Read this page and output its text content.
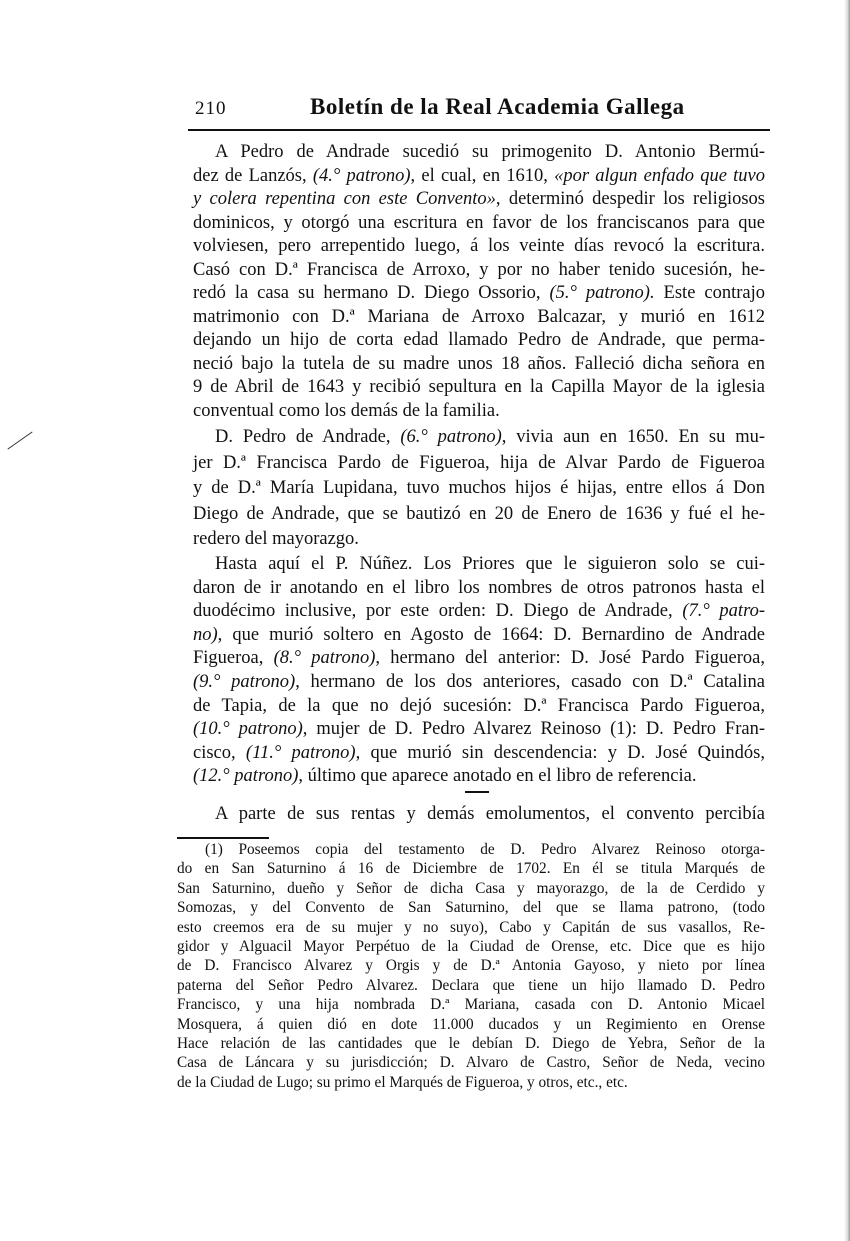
210	Boletín de la Real Academia Gallega
A Pedro de Andrade sucedió su primogenito D. Antonio Bermú-
dez de Lanzós, (4.° patrono), el cual, en 1610, «por algun enfado que tuvo
y colera repentina con este Convento», determinó despedir los religiosos
dominicos, y otorgó una escritura en favor de los franciscanos para que
volviesen, pero arrepentido luego, á los veinte días revocó la escritura.
Casó con D.ª Francisca de Arroxo, y por no haber tenido sucesión, he-
redó la casa su hermano D. Diego Ossorio, (5.° patrono). Este contrajo
matrimonio con D.ª Mariana de Arroxo Balcazar, y murió en 1612
dejando un hijo de corta edad llamado Pedro de Andrade, que perma-
neció bajo la tutela de su madre unos 18 años. Falleció dicha señora en
9 de Abril de 1643 y recibió sepultura en la Capilla Mayor de la iglesia
conventual como los demás de la familia.
D. Pedro de Andrade, (6.° patrono), vivia aun en 1650. En su mu-
jer D.ª Francisca Pardo de Figueroa, hija de Alvar Pardo de Figueroa
y de D.ª María Lupidana, tuvo muchos hijos é hijas, entre ellos á Don
Diego de Andrade, que se bautizó en 20 de Enero de 1636 y fué el he-
redero del mayorazgo.
Hasta aquí el P. Núñez. Los Priores que le siguieron solo se cui-
daron de ir anotando en el libro los nombres de otros patronos hasta el
duodécimo inclusive, por este orden: D. Diego de Andrade, (7.° patro-
no), que murió soltero en Agosto de 1664: D. Bernardino de Andrade
Figueroa, (8.° patrono), hermano del anterior: D. José Pardo Figueroa,
(9.° patrono), hermano de los dos anteriores, casado con D.ª Catalina
de Tapia, de la que no dejó sucesión: D.ª Francisca Pardo Figueroa,
(10.° patrono), mujer de D. Pedro Alvarez Reinoso (1): D. Pedro Fran-
cisco, (11.° patrono), que murió sin descendencia: y D. José Quindós,
(12.° patrono), último que aparece anotado en el libro de referencia.
A parte de sus rentas y demás emolumentos, el convento percibía
(1) Poseemos copia del testamento de D. Pedro Alvarez Reinoso otorga-
do en San Saturnino á 16 de Diciembre de 1702. En él se titula Marqués de
San Saturnino, dueño y Señor de dicha Casa y mayorazgo, de la de Cerdido y
Somozas, y del Convento de San Saturnino, del que se llama patrono, (todo
esto creemos era de su mujer y no suyo), Cabo y Capitán de sus vasallos, Re-
gidor y Alguacil Mayor Perpétuo de la Ciudad de Orense, etc. Dice que es hijo
de D. Francisco Alvarez y Orgis y de D.ª Antonia Gayoso, y nieto por línea
paterna del Señor Pedro Alvarez. Declara que tiene un hijo llamado D. Pedro
Francisco, y una hija nombrada D.ª Mariana, casada con D. Antonio Micael
Mosquera, á quien dió en dote 11.000 ducados y un Regimiento en Orense
Hace relación de las cantidades que le debían D. Diego de Yebra, Señor de la
Casa de Láncara y su jurisdicción; D. Alvaro de Castro, Señor de Neda, vecino
de la Ciudad de Lugo; su primo el Marqués de Figueroa, y otros, etc., etc.
